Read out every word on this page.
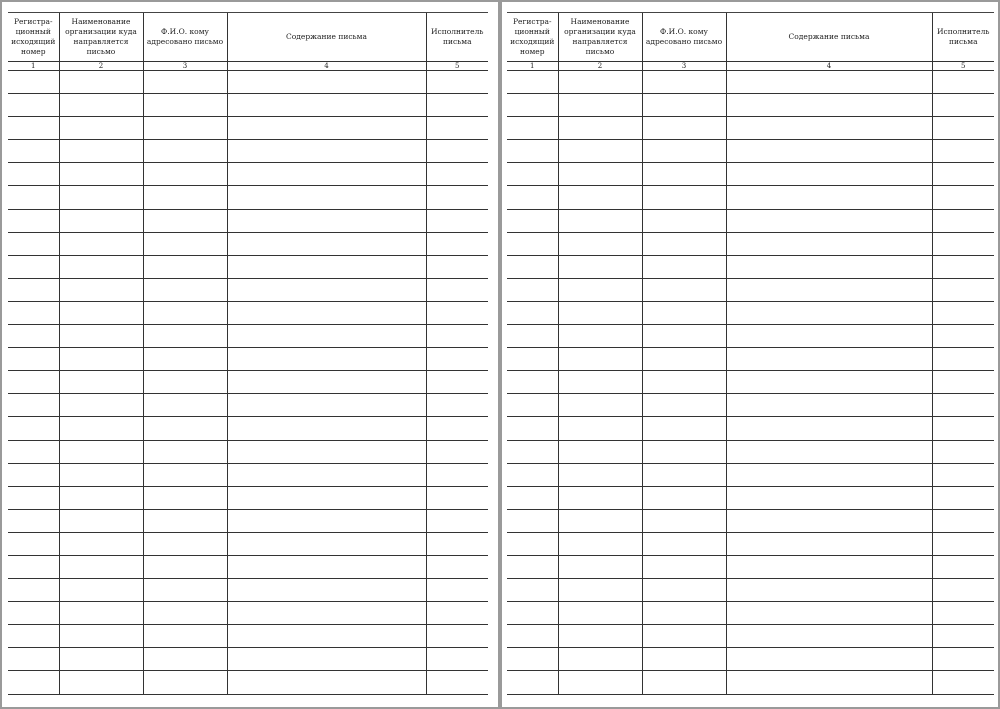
Регистра-ционный исходящий номер	Наименование организации куда направляется письмо	Ф.И.О. кому адресовано письмо	Содержание письма	Исполнитель письма
1	2	3	4	5

Регистра-ционный исходящий номер	Наименование организации куда направляется письмо	Ф.И.О. кому адресовано письмо	Содержание письма	Исполнитель письма
1	2	3	4	5
